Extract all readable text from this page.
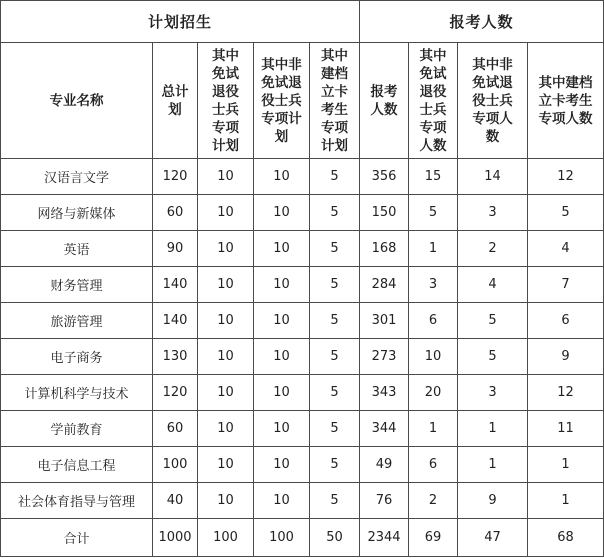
计划招生					报考人数			
专业名称	总计划	其中免试退役士兵专项计划	其中非免试退役士兵专项计划	其中建档立卡考生专项计划	报考人数	其中免试退役士兵专项人数	其中非免试退役士兵专项人数	其中建档立卡考生专项人数
汉语言文学	120	10	10	5	356	15	14	12
网络与新媒体	60	10	10	5	150	5	3	5
英语	90	10	10	5	168	1	2	4
财务管理	140	10	10	5	284	3	4	7
旅游管理	140	10	10	5	301	6	5	6
电子商务	130	10	10	5	273	10	5	9
计算机科学与技术	120	10	10	5	343	20	3	12
学前教育	60	10	10	5	344	1	1	11
电子信息工程	100	10	10	5	49	6	1	1
社会体育指导与管理	40	10	10	5	76	2	9	1
合计	1000	100	100	50	2344	69	47	68
